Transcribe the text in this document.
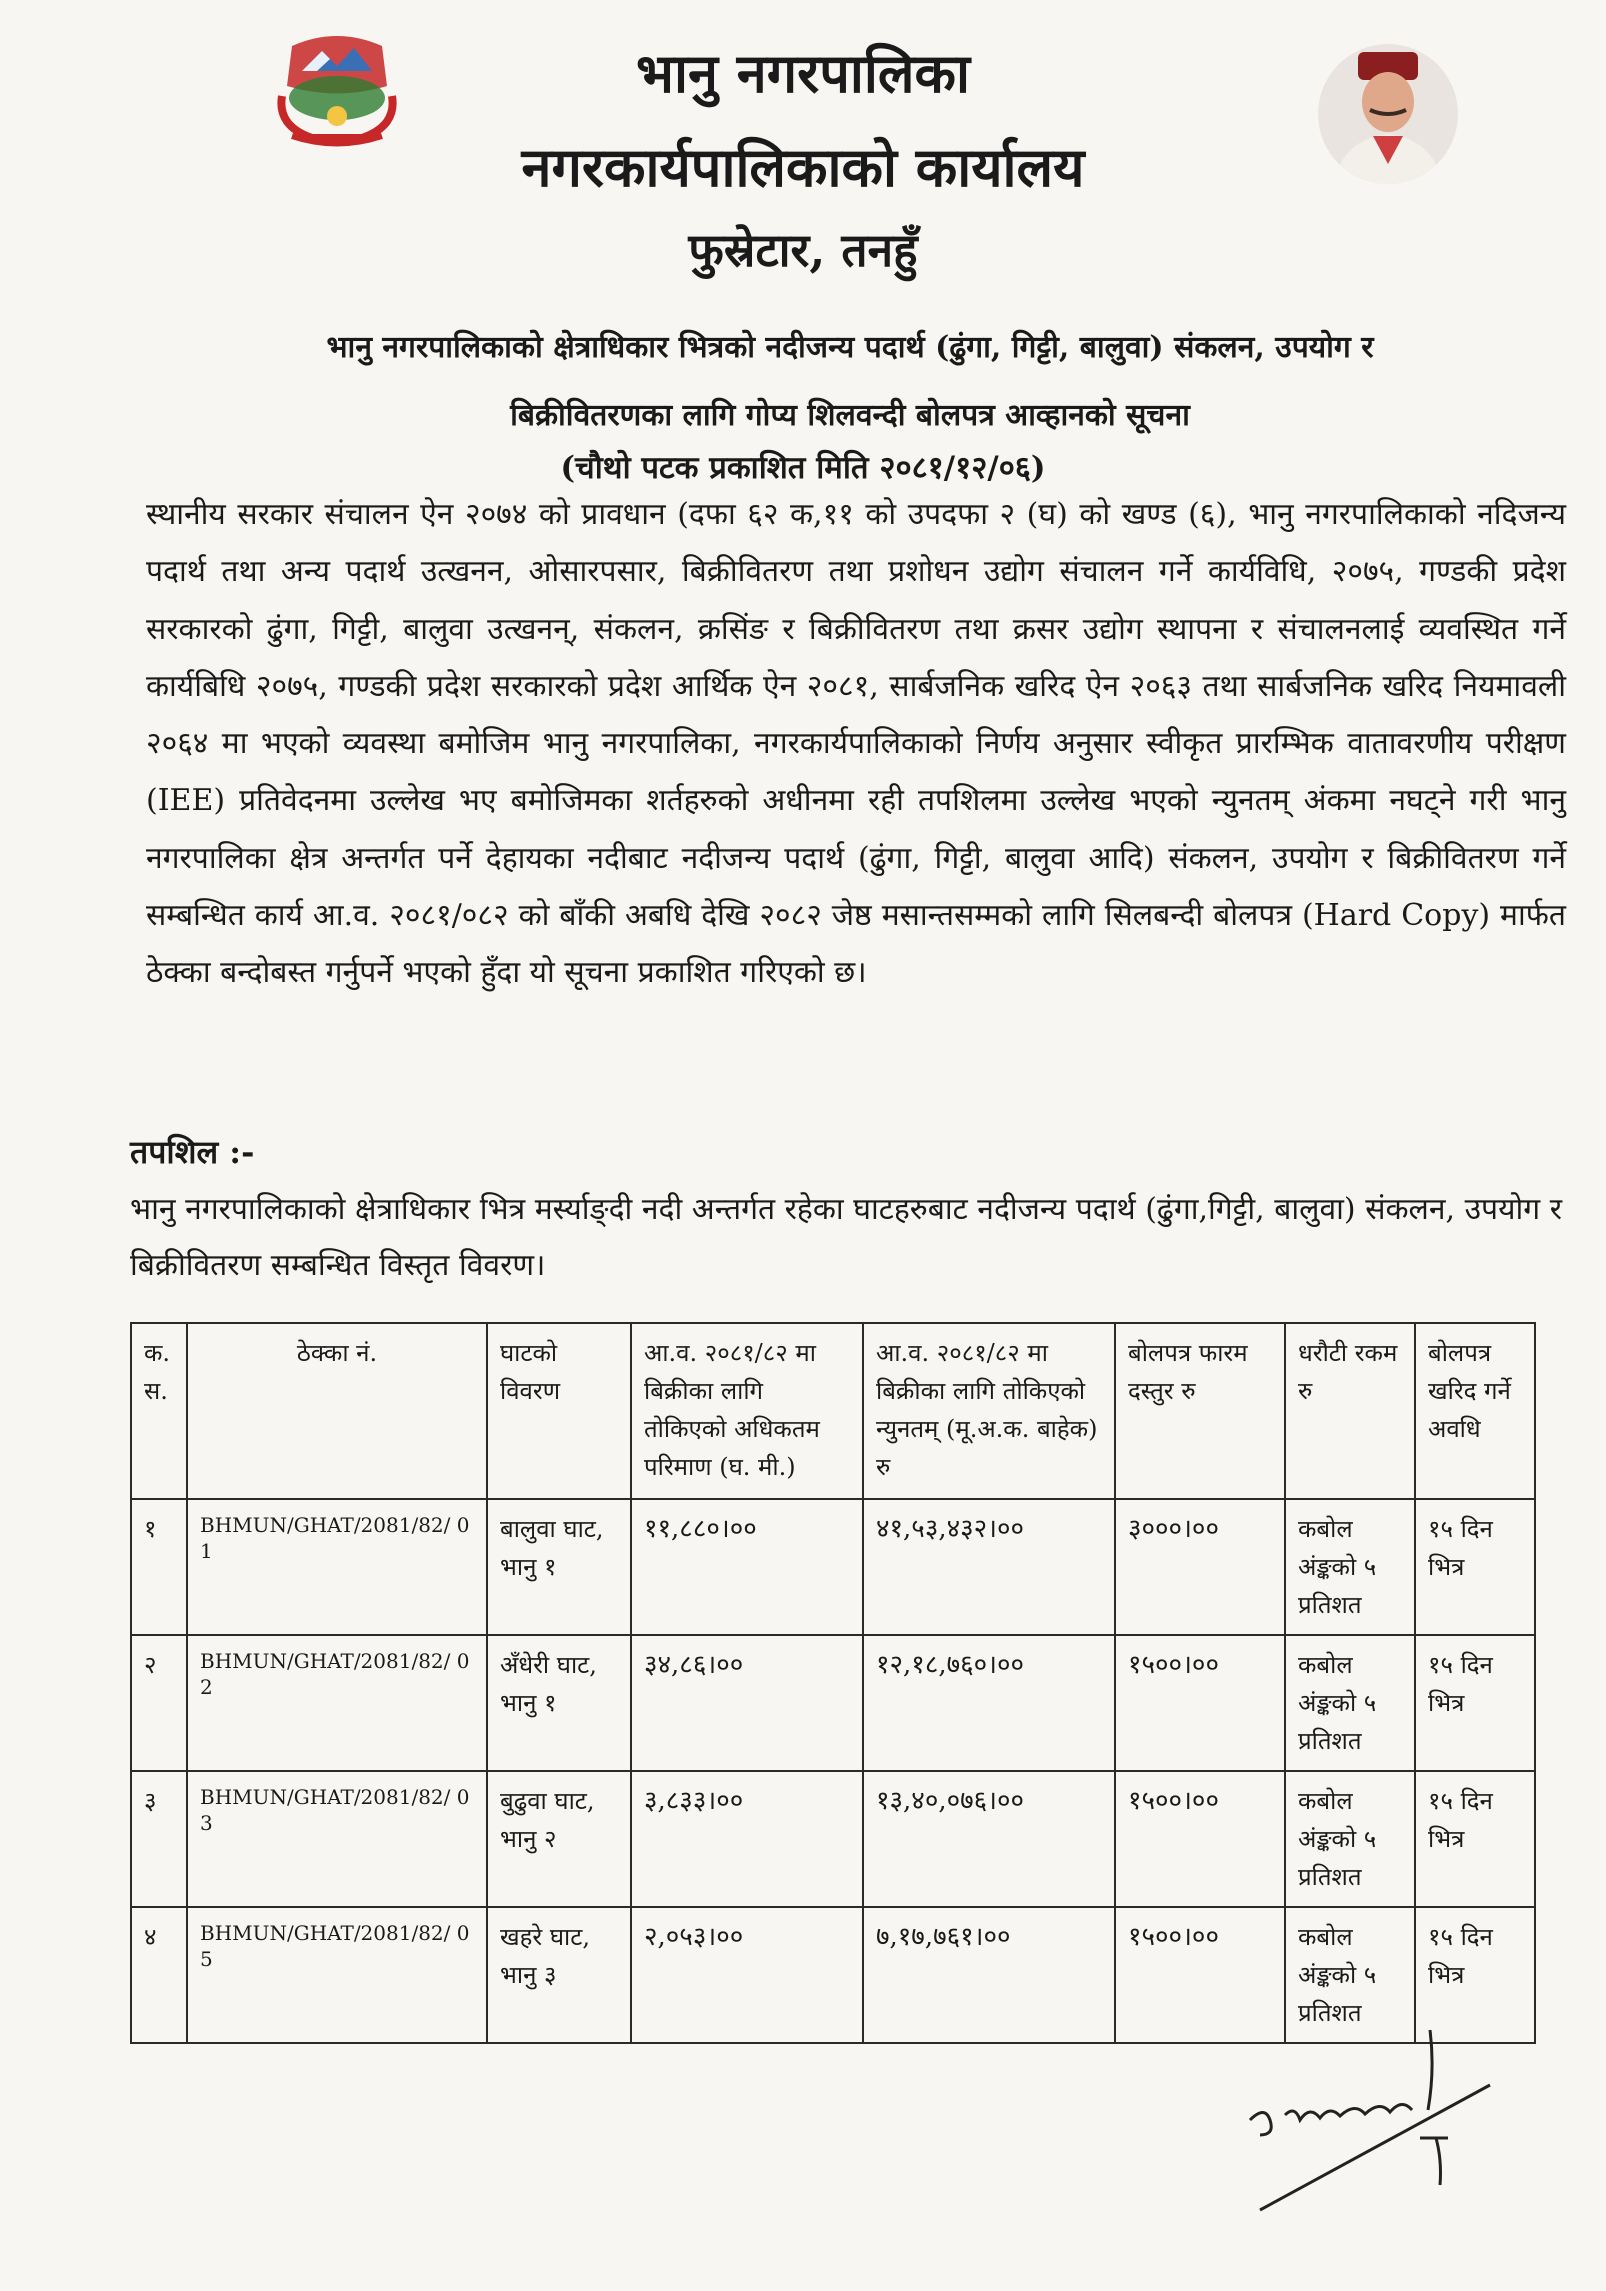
भानु नगरपालिका
नगरकार्यपालिकाको कार्यालय
फुस्रेटार, तनहुँ
भानु नगरपालिकाको क्षेत्राधिकार भित्रको नदीजन्य पदार्थ (ढुंगा, गिट्टी, बालुवा) संकलन, उपयोग र
बिक्रीवितरणका लागि गोप्य शिलवन्दी बोलपत्र आव्हानको सूचना
(चौथो पटक प्रकाशित मिति २०८१/१२/०६)
स्थानीय सरकार संचालन ऐन २०७४ को प्रावधान (दफा ६२ क,११ को उपदफा २ (घ) को खण्ड (६), भानु नगरपालिकाको नदिजन्य पदार्थ तथा अन्य पदार्थ उत्खनन, ओसारपसार, बिक्रीवितरण तथा प्रशोधन उद्योग संचालन गर्ने कार्यविधि, २०७५, गण्डकी प्रदेश सरकारको ढुंगा, गिट्टी, बालुवा उत्खनन्, संकलन, क्रसिंङ र बिक्रीवितरण तथा क्रसर उद्योग स्थापना र संचालनलाई व्यवस्थित गर्ने कार्यबिधि २०७५, गण्डकी प्रदेश सरकारको प्रदेश आर्थिक ऐन २०८१, सार्बजनिक खरिद ऐन २०६३ तथा सार्बजनिक खरिद नियमावली २०६४ मा भएको व्यवस्था बमोजिम भानु नगरपालिका, नगरकार्यपालिकाको निर्णय अनुसार स्वीकृत प्रारम्भिक वातावरणीय परीक्षण (IEE) प्रतिवेदनमा उल्लेख भए बमोजिमका शर्तहरुको अधीनमा रही तपशिलमा उल्लेख भएको न्युनतम् अंकमा नघट्ने गरी भानु नगरपालिका क्षेत्र अन्तर्गत पर्ने देहायका नदीबाट नदीजन्य पदार्थ (ढुंगा, गिट्टी, बालुवा आदि) संकलन, उपयोग र बिक्रीवितरण गर्ने सम्बन्धित कार्य आ.व. २०८१/०८२ को बाँकी अबधि देखि २०८२ जेष्ठ मसान्तसम्मको लागि सिलबन्दी बोलपत्र (Hard Copy) मार्फत ठेक्का बन्दोबस्त गर्नुपर्ने भएको हुँदा यो सूचना प्रकाशित गरिएको छ।
तपशिल :-
भानु नगरपालिकाको क्षेत्राधिकार भित्र मर्स्याङ्दी नदी अन्तर्गत रहेका घाटहरुबाट नदीजन्य पदार्थ (ढुंगा,गिट्टी, बालुवा) संकलन, उपयोग र बिक्रीवितरण सम्बन्धित विस्तृत विवरण।
क. स.	ठेक्का नं.	घाटको विवरण	आ.व. २०८१/८२ मा बिक्रीका लागि तोकिएको अधिकतम परिमाण (घ. मी.)	आ.व. २०८१/८२ मा बिक्रीका लागि तोकिएको न्युनतम् (मू.अ.क. बाहेक) रु	बोलपत्र फारम दस्तुर रु	धरौटी रकम रु	बोलपत्र खरिद गर्ने अवधि
१	BHMUN/GHAT/2081/82/ 01	बालुवा घाट, भानु १	११,८८०।००	४१,५३,४३२।००	३०००।००	कबोल अंङ्कको ५ प्रतिशत	१५ दिन भित्र
२	BHMUN/GHAT/2081/82/ 02	अँधेरी घाट, भानु १	३४,८६।००	१२,१८,७६०।००	१५००।००	कबोल अंङ्कको ५ प्रतिशत	१५ दिन भित्र
३	BHMUN/GHAT/2081/82/ 03	बुढुवा घाट, भानु २	३,८३३।००	१३,४०,०७६।००	१५००।००	कबोल अंङ्कको ५ प्रतिशत	१५ दिन भित्र
४	BHMUN/GHAT/2081/82/ 05	खहरे घाट, भानु ३	२,०५३।००	७,१७,७६१।००	१५००।००	कबोल अंङ्कको ५ प्रतिशत	१५ दिन भित्र
